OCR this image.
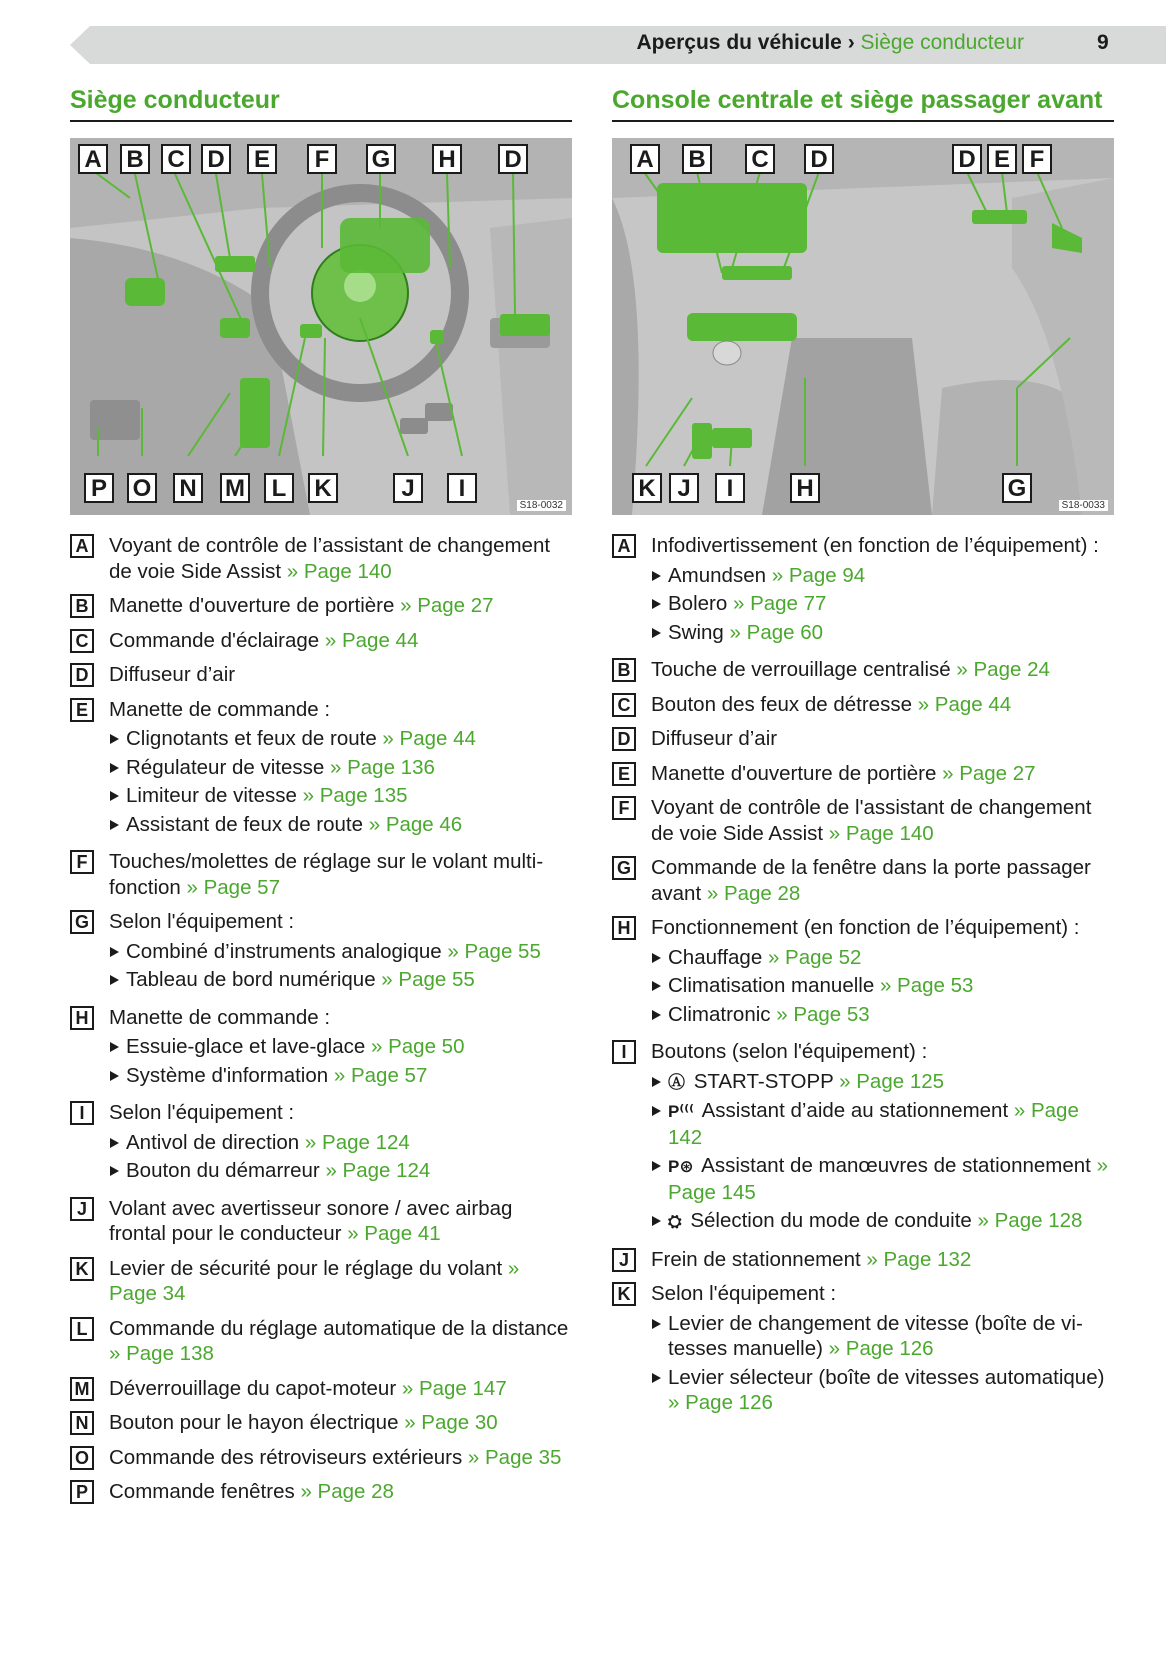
Aperçus du véhicule › Siège conducteur	9
Siège conducteur
A B C D E	F	G H D
P O N M	L	K	J	I
S18-0032
A Voyant de contrôle de l’assistant de changement de voie Side Assist » Page 140
B Manette d'ouverture de portière » Page 27
C Commande d'éclairage » Page 44
D Diffuseur d’air
E Manette de commande :
Clignotants et feux de route » Page 44
Régulateur de vitesse » Page 136
Limiteur de vitesse » Page 135
Assistant de feux de route » Page 46
F	Touches/molettes de réglage sur le volant multifonction » Page 57
G Selon l'équipement :
Combiné d’instruments analogique » Page 55
Tableau de bord numérique » Page 55
H Manette de commande :
Essuie-glace et lave-glace » Page 50
Système d'information » Page 57
I	Selon l'équipement :
Antivol de direction » Page 124
Bouton du démarreur » Page 124
J	Volant avec avertisseur sonore / avec airbag frontal pour le conducteur » Page 41
K Levier de sécurité pour le réglage du volant » Page 34
L	Commande du réglage automatique de la distance » Page 138
M Déverrouillage du capot-moteur » Page 147
N Bouton pour le hayon électrique » Page 30
O Commande des rétroviseurs extérieurs » Page 35
P Commande fenêtres » Page 28
Console centrale et siège passager avant
A B C D	D E F
K J	I	H	G
S18-0033
A Infodivertissement (en fonction de l’équipement) :
Amundsen » Page 94
Bolero » Page 77
Swing » Page 60
B Touche de verrouillage centralisé » Page 24
C Bouton des feux de détresse » Page 44
D Diffuseur d’air
E Manette d'ouverture de portière » Page 27
F	Voyant de contrôle de l'assistant de changement de voie Side Assist » Page 140
G Commande de la fenêtre dans la porte passager avant » Page 28
H Fonctionnement (en fonction de l’équipement) :
Chauffage » Page 52
Climatisation manuelle » Page 53
Climatronic » Page 53
I	Boutons (selon l'équipement) :
Ⓐ START-STOPP » Page 125
P⁽⁽⁽ Assistant d’aide au stationnement » Page 142
P⊛ Assistant de manœuvres de stationnement » Page 145
⛭ Sélection du mode de conduite » Page 128
J	Frein de stationnement » Page 132
K Selon l'équipement :
Levier de changement de vitesse (boîte de vitesses manuelle) » Page 126
Levier sélecteur (boîte de vitesses automatique) » Page 126
